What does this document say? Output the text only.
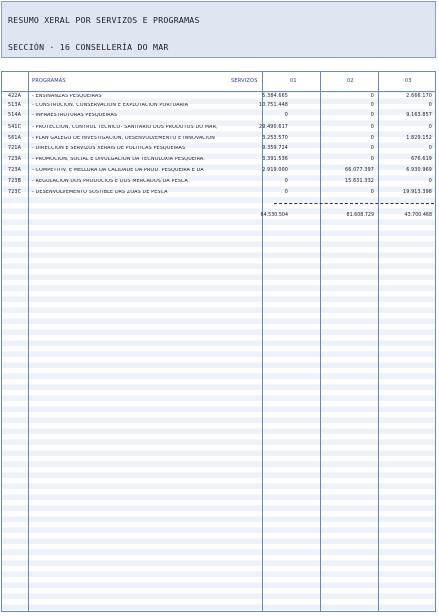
RESUMO XERAL POR SERVIZOS E PROGRAMAS
SECCIÓN · 16 CONSELLERÍA DO MAR
PROGRAMAS	SERVIZOS	01	02	03
422A - ENSINANZAS PESQUEIRAS	5.384.665	0	2.666.170
513A - CONSTRUCIÓN, CONSERVACIÓN E EXPLOTACIÓN PORTUARIA	10.751.448	0	0
514A - INFRAESTRUTURAS PESQUEIRAS	0	0	9.163.857
541C - PROTECCIÓN, CONTROL TÉCNICO- SANITARIO DOS PRODUTOS DO MAR,	29.490.617	0	0
561A - PLAN GALEGO DE INVESTIGACIÓN, DESENVOLVEMENTO E INNOVACIÓN	3.253.570	0	1.829.152
721A - DIRECCIÓN E SERVIZOS XERAIS DE POLÍTICAS PESQUEIRAS	9.359.724	0	0
723A - PROMOCIÓN, SOCIAL E DIVULGACIÓN DA TECNOLOXÍA PESQUEIRA.	3.391.536	0	676.619
723A - COMPETITIV. E MELLORA DA CALIDADE DA PROD. PESQUEIRA E DA	2.919.000	66.077.397	6.930.969
723B - REGULACIÓN DOS PRODUCIÓS E DOS MERCADOS DA PESCA	0	15.631.332	0
723C - DESENVOLVEMENTO SOSTIBLE DAS ZOAS DE PESCA	0	0	19.913.398
64.530.504	81.608.729	43.700.468
